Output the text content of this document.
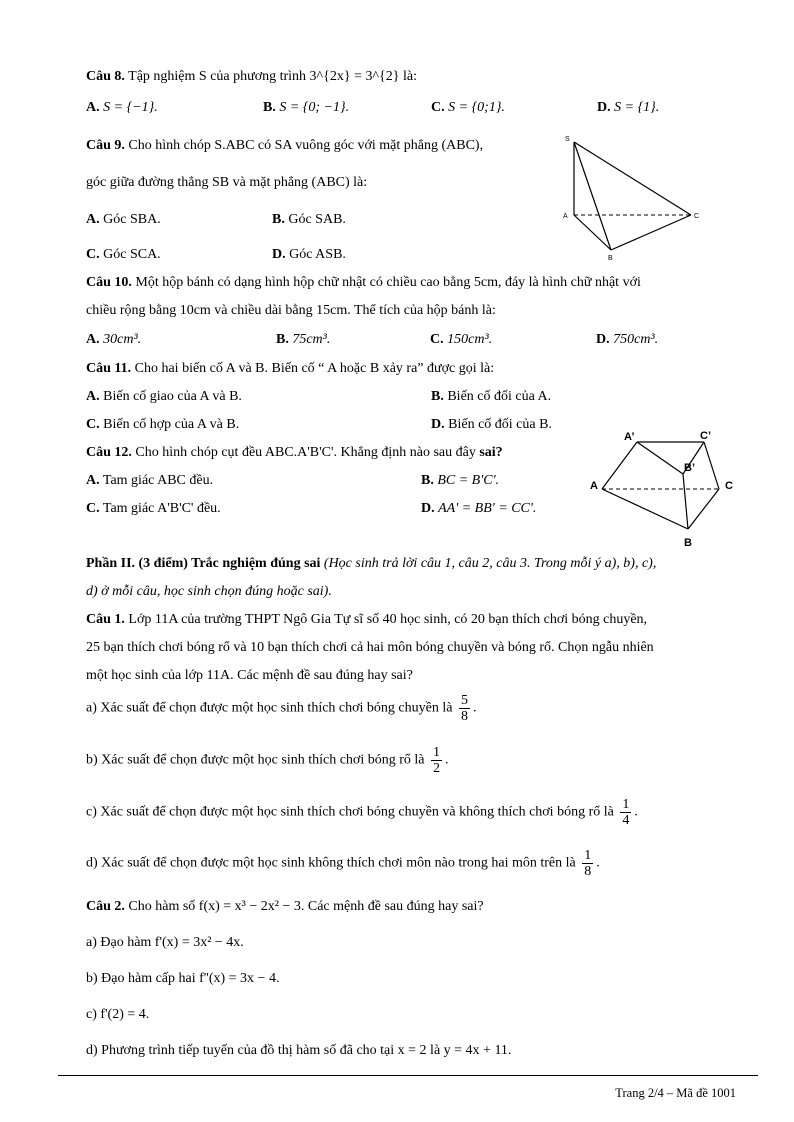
Câu 8. Tập nghiệm S của phương trình 3^{2x} = 3^{2} là:
A. S = {−1}.	B. S = {0; −1}.	C. S = {0;1}.	D. S = {1}.
Câu 9. Cho hình chóp S.ABC có SA vuông góc với mặt phẳng (ABC),
góc giữa đường thẳng SB và mặt phẳng (ABC) là:
A. Góc SBA.	B. Góc SAB.
C. Góc SCA.	D. Góc ASB.
S
A
B
C
Câu 10. Một hộp bánh có dạng hình hộp chữ nhật có chiều cao bằng 5cm, đáy là hình chữ nhật với
chiều rộng bằng 10cm và chiều dài bằng 15cm. Thể tích của hộp bánh là:
A. 30cm³.	B. 75cm³.	C. 150cm³.	D. 750cm³.
Câu 11. Cho hai biến cố A và B. Biến cố “ A hoặc B xảy ra” được gọi là:
A. Biến cố giao của A và B.	B. Biến cố đối của A.
C. Biến cố hợp của A và B.	D. Biến cố đối của B.
Câu 12. Cho hình chóp cụt đều ABC.A'B'C'. Khẳng định nào sau đây sai?
A. Tam giác ABC đều.	B. BC = B'C'.
C. Tam giác A'B'C' đều.	D. AA' = BB' = CC'.
A’	C’
B’
A	C
B
Phần II. (3 điểm) Trắc nghiệm đúng sai (Học sinh trả lời câu 1, câu 2, câu 3. Trong mỗi ý a), b), c),
d) ở mỗi câu, học sinh chọn đúng hoặc sai).
Câu 1. Lớp 11A của trường THPT Ngô Gia Tự sĩ số 40 học sinh, có 20 bạn thích chơi bóng chuyền,
25 bạn thích chơi bóng rổ và 10 bạn thích chơi cả hai môn bóng chuyền và bóng rổ. Chọn ngẫu nhiên
một học sinh của lớp 11A. Các mệnh đề sau đúng hay sai?
a) Xác suất để chọn được một học sinh thích chơi bóng chuyền là $\frac{5}{8}$ .
b) Xác suất để chọn được một học sinh thích chơi bóng rổ là $\frac{1}{2}$ .
c) Xác suất để chọn được một học sinh thích chơi bóng chuyền và không thích chơi bóng rổ là $\frac{1}{4}$ .
d) Xác suất để chọn được một học sinh không thích chơi môn nào trong hai môn trên là $\frac{1}{8}$ .
Câu 2. Cho hàm số f(x) = x³ − 2x² − 3. Các mệnh đề sau đúng hay sai?
a) Đạo hàm f'(x) = 3x² − 4x.
b) Đạo hàm cấp hai f''(x) = 3x − 4.
c) f'(2) = 4.
d) Phương trình tiếp tuyến của đồ thị hàm số đã cho tại x = 2 là y = 4x + 11.
Trang 2/4 – Mã đề 1001
